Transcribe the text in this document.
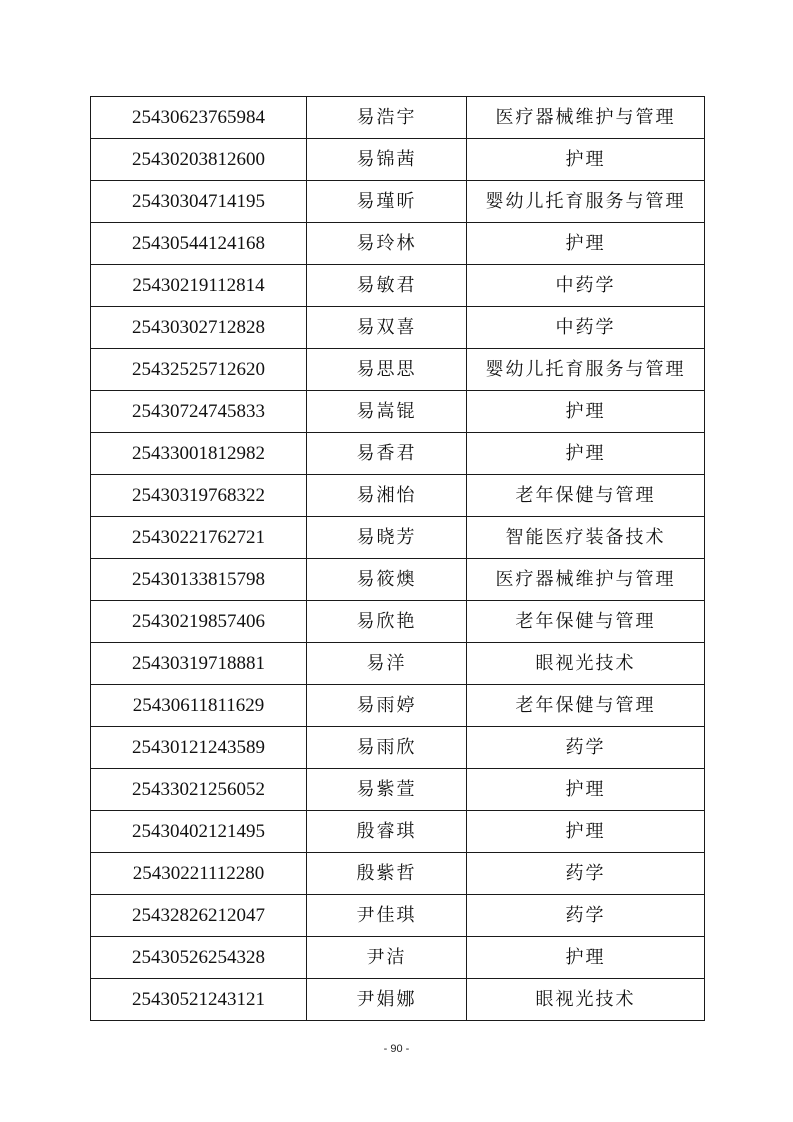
25430623765984	易浩宇	医疗器械维护与管理
25430203812600	易锦茜	护理
25430304714195	易瑾昕	婴幼儿托育服务与管理
25430544124168	易玲林	护理
25430219112814	易敏君	中药学
25430302712828	易双喜	中药学
25432525712620	易思思	婴幼儿托育服务与管理
25430724745833	易嵩锟	护理
25433001812982	易香君	护理
25430319768322	易湘怡	老年保健与管理
25430221762721	易晓芳	智能医疗装备技术
25430133815798	易筱燠	医疗器械维护与管理
25430219857406	易欣艳	老年保健与管理
25430319718881	易洋	眼视光技术
25430611811629	易雨婷	老年保健与管理
25430121243589	易雨欣	药学
25433021256052	易紫萱	护理
25430402121495	殷睿琪	护理
25430221112280	殷紫哲	药学
25432826212047	尹佳琪	药学
25430526254328	尹洁	护理
25430521243121	尹娟娜	眼视光技术
- 90 -
